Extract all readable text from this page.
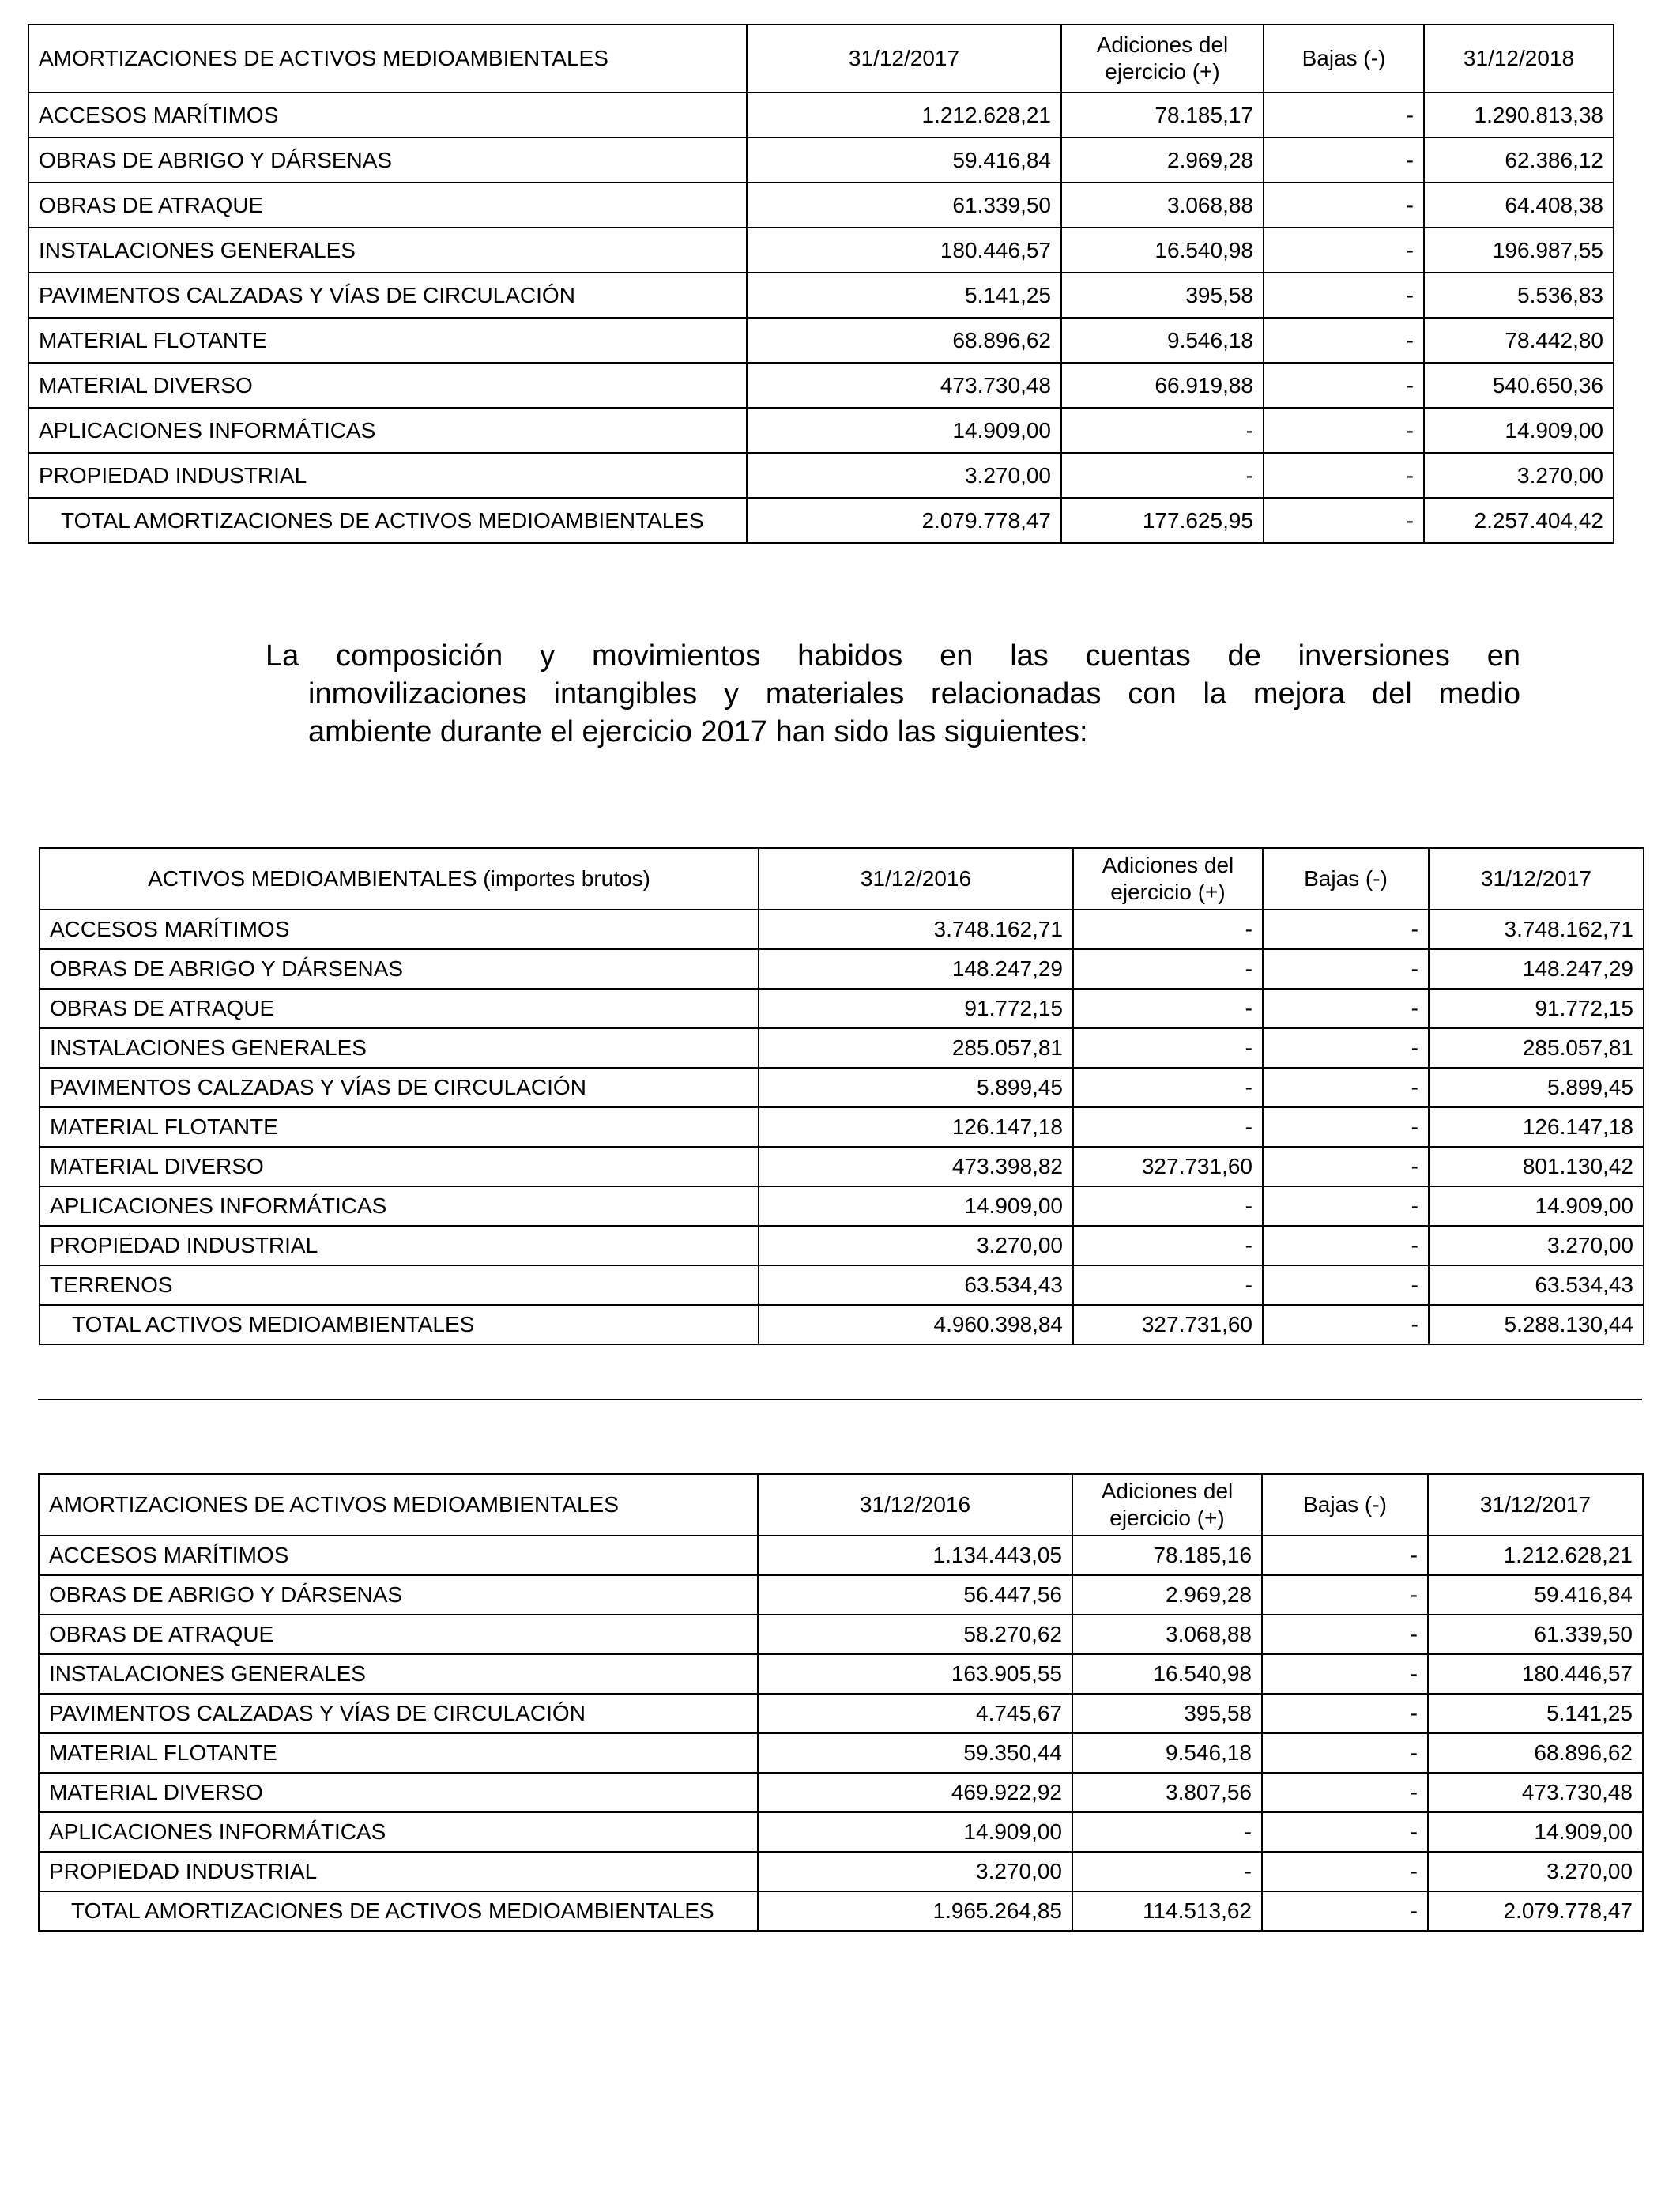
AMORTIZACIONES DE ACTIVOS MEDIOAMBIENTALES	31/12/2017	Adiciones del ejercicio (+)	Bajas (-)	31/12/2018
ACCESOS MARÍTIMOS	1.212.628,21	78.185,17	-	1.290.813,38
OBRAS DE ABRIGO Y DÁRSENAS	59.416,84	2.969,28	-	62.386,12
OBRAS DE ATRAQUE	61.339,50	3.068,88	-	64.408,38
INSTALACIONES GENERALES	180.446,57	16.540,98	-	196.987,55
PAVIMENTOS CALZADAS Y VÍAS DE CIRCULACIÓN	5.141,25	395,58	-	5.536,83
MATERIAL FLOTANTE	68.896,62	9.546,18	-	78.442,80
MATERIAL DIVERSO	473.730,48	66.919,88	-	540.650,36
APLICACIONES INFORMÁTICAS	14.909,00	-	-	14.909,00
PROPIEDAD INDUSTRIAL	3.270,00	-	-	3.270,00
TOTAL AMORTIZACIONES DE ACTIVOS MEDIOAMBIENTALES	2.079.778,47	177.625,95	-	2.257.404,42
La composición y movimientos habidos en las cuentas de inversiones en
inmovilizaciones intangibles y materiales relacionadas con la mejora del medio
ambiente durante el ejercicio 2017 han sido las siguientes:
ACTIVOS MEDIOAMBIENTALES (importes brutos)	31/12/2016	Adiciones del ejercicio (+)	Bajas (-)	31/12/2017
ACCESOS MARÍTIMOS	3.748.162,71	-	-	3.748.162,71
OBRAS DE ABRIGO Y DÁRSENAS	148.247,29	-	-	148.247,29
OBRAS DE ATRAQUE	91.772,15	-	-	91.772,15
INSTALACIONES GENERALES	285.057,81	-	-	285.057,81
PAVIMENTOS CALZADAS Y VÍAS DE CIRCULACIÓN	5.899,45	-	-	5.899,45
MATERIAL FLOTANTE	126.147,18	-	-	126.147,18
MATERIAL DIVERSO	473.398,82	327.731,60	-	801.130,42
APLICACIONES INFORMÁTICAS	14.909,00	-	-	14.909,00
PROPIEDAD INDUSTRIAL	3.270,00	-	-	3.270,00
TERRENOS	63.534,43	-	-	63.534,43
TOTAL ACTIVOS MEDIOAMBIENTALES	4.960.398,84	327.731,60	-	5.288.130,44
AMORTIZACIONES DE ACTIVOS MEDIOAMBIENTALES	31/12/2016	Adiciones del ejercicio (+)	Bajas (-)	31/12/2017
ACCESOS MARÍTIMOS	1.134.443,05	78.185,16	-	1.212.628,21
OBRAS DE ABRIGO Y DÁRSENAS	56.447,56	2.969,28	-	59.416,84
OBRAS DE ATRAQUE	58.270,62	3.068,88	-	61.339,50
INSTALACIONES GENERALES	163.905,55	16.540,98	-	180.446,57
PAVIMENTOS CALZADAS Y VÍAS DE CIRCULACIÓN	4.745,67	395,58	-	5.141,25
MATERIAL FLOTANTE	59.350,44	9.546,18	-	68.896,62
MATERIAL DIVERSO	469.922,92	3.807,56	-	473.730,48
APLICACIONES INFORMÁTICAS	14.909,00	-	-	14.909,00
PROPIEDAD INDUSTRIAL	3.270,00	-	-	3.270,00
TOTAL AMORTIZACIONES DE ACTIVOS MEDIOAMBIENTALES	1.965.264,85	114.513,62	-	2.079.778,47
